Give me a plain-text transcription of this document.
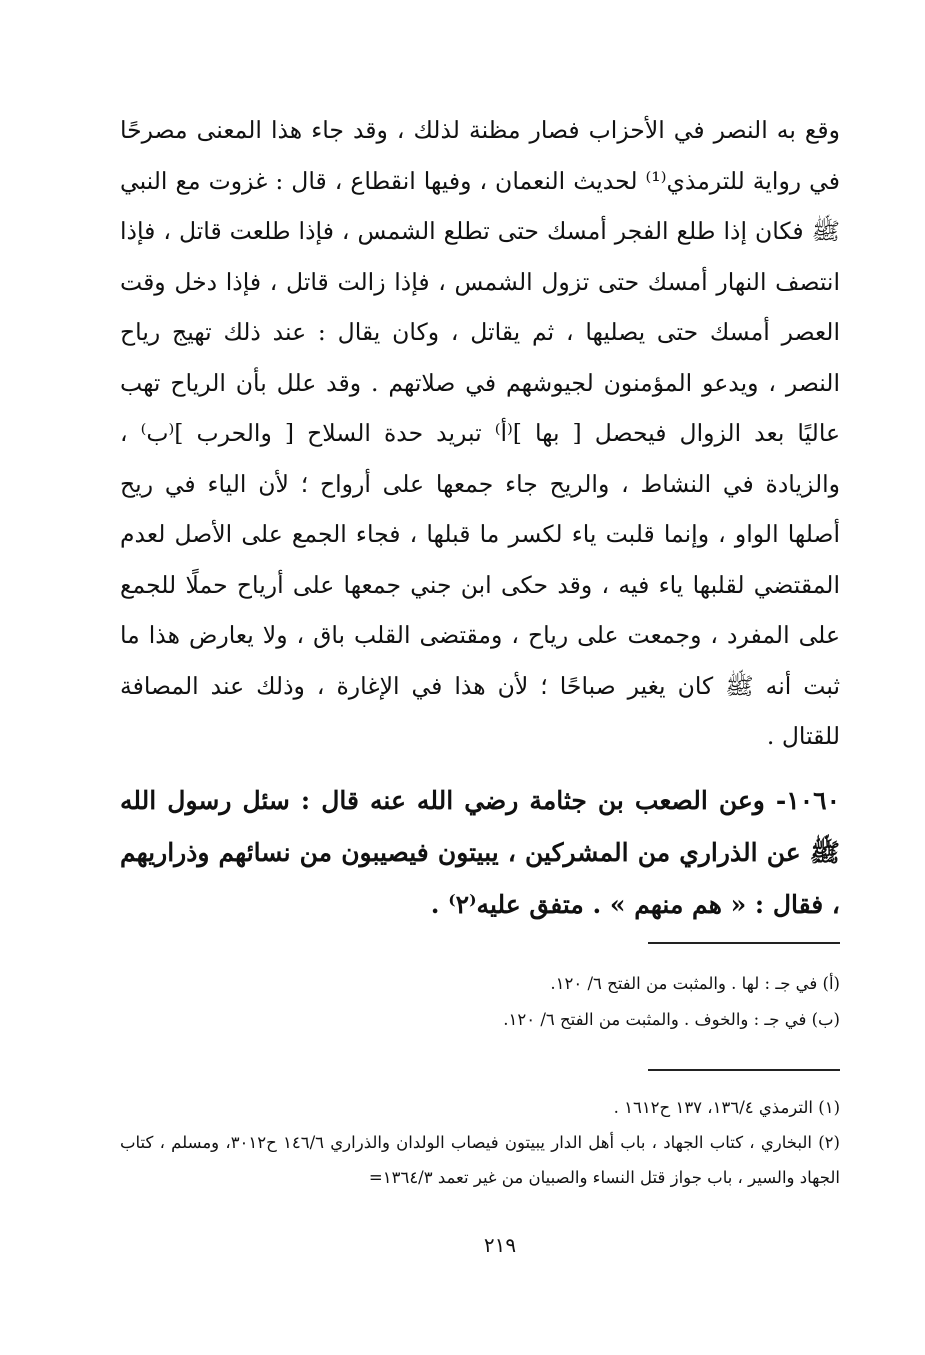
وقع به النصر في الأحزاب فصار مظنة لذلك ، وقد جاء هذا المعنى مصرحًا في رواية للترمذي⁽¹⁾ لحديث النعمان ، وفيها انقطاع ، قال : غزوت مع النبي ﷺ فكان إذا طلع الفجر أمسك حتى تطلع الشمس ، فإذا طلعت قاتل ، فإذا انتصف النهار أمسك حتى تزول الشمس ، فإذا زالت قاتل ، فإذا دخل وقت العصر أمسك حتى يصليها ، ثم يقاتل ، وكان يقال : عند ذلك تهيج رياح النصر ، ويدعو المؤمنون لجيوشهم في صلاتهم . وقد علل بأن الرياح تهب عاليًا بعد الزوال فيحصل [ بها ]⁽أ⁾ تبريد حدة السلاح [ والحرب ]⁽ب⁾ ، والزيادة في النشاط ، والريح جاء جمعها على أرواح ؛ لأن الياء في ريح أصلها الواو ، وإنما قلبت ياء لكسر ما قبلها ، فجاء الجمع على الأصل لعدم المقتضي لقلبها ياء فيه ، وقد حكى ابن جني جمعها على أرياح حملًا للجمع على المفرد ، وجمعت على رياح ، ومقتضى القلب باق ، ولا يعارض هذا ما ثبت أنه ﷺ كان يغير صباحًا ؛ لأن هذا في الإغارة ، وذلك عند المصافة للقتال .

١٠٦٠- وعن الصعب بن جثامة رضي الله عنه قال : سئل رسول الله ﷺ عن الذراري من المشركين ، يبيتون فيصيبون من نسائهم وذراريهم ، فقال : « هم منهم » . متفق عليه⁽٢⁾ .

(أ) في جـ : لها . والمثبت من الفتح ٦/ ١٢٠.

(ب) في جـ : والخوف . والمثبت من الفتح ٦/ ١٢٠.

(١) الترمذي ١٣٦/٤، ١٣٧ ح١٦١٢ .

(٢) البخاري ، كتاب الجهاد ، باب أهل الدار يبيتون فيصاب الولدان والذراري ١٤٦/٦ ح٣٠١٢، ومسلم ، كتاب الجهاد والسير ، باب جواز قتل النساء والصبيان من غير تعمد ١٣٦٤/٣=

٢١٩
